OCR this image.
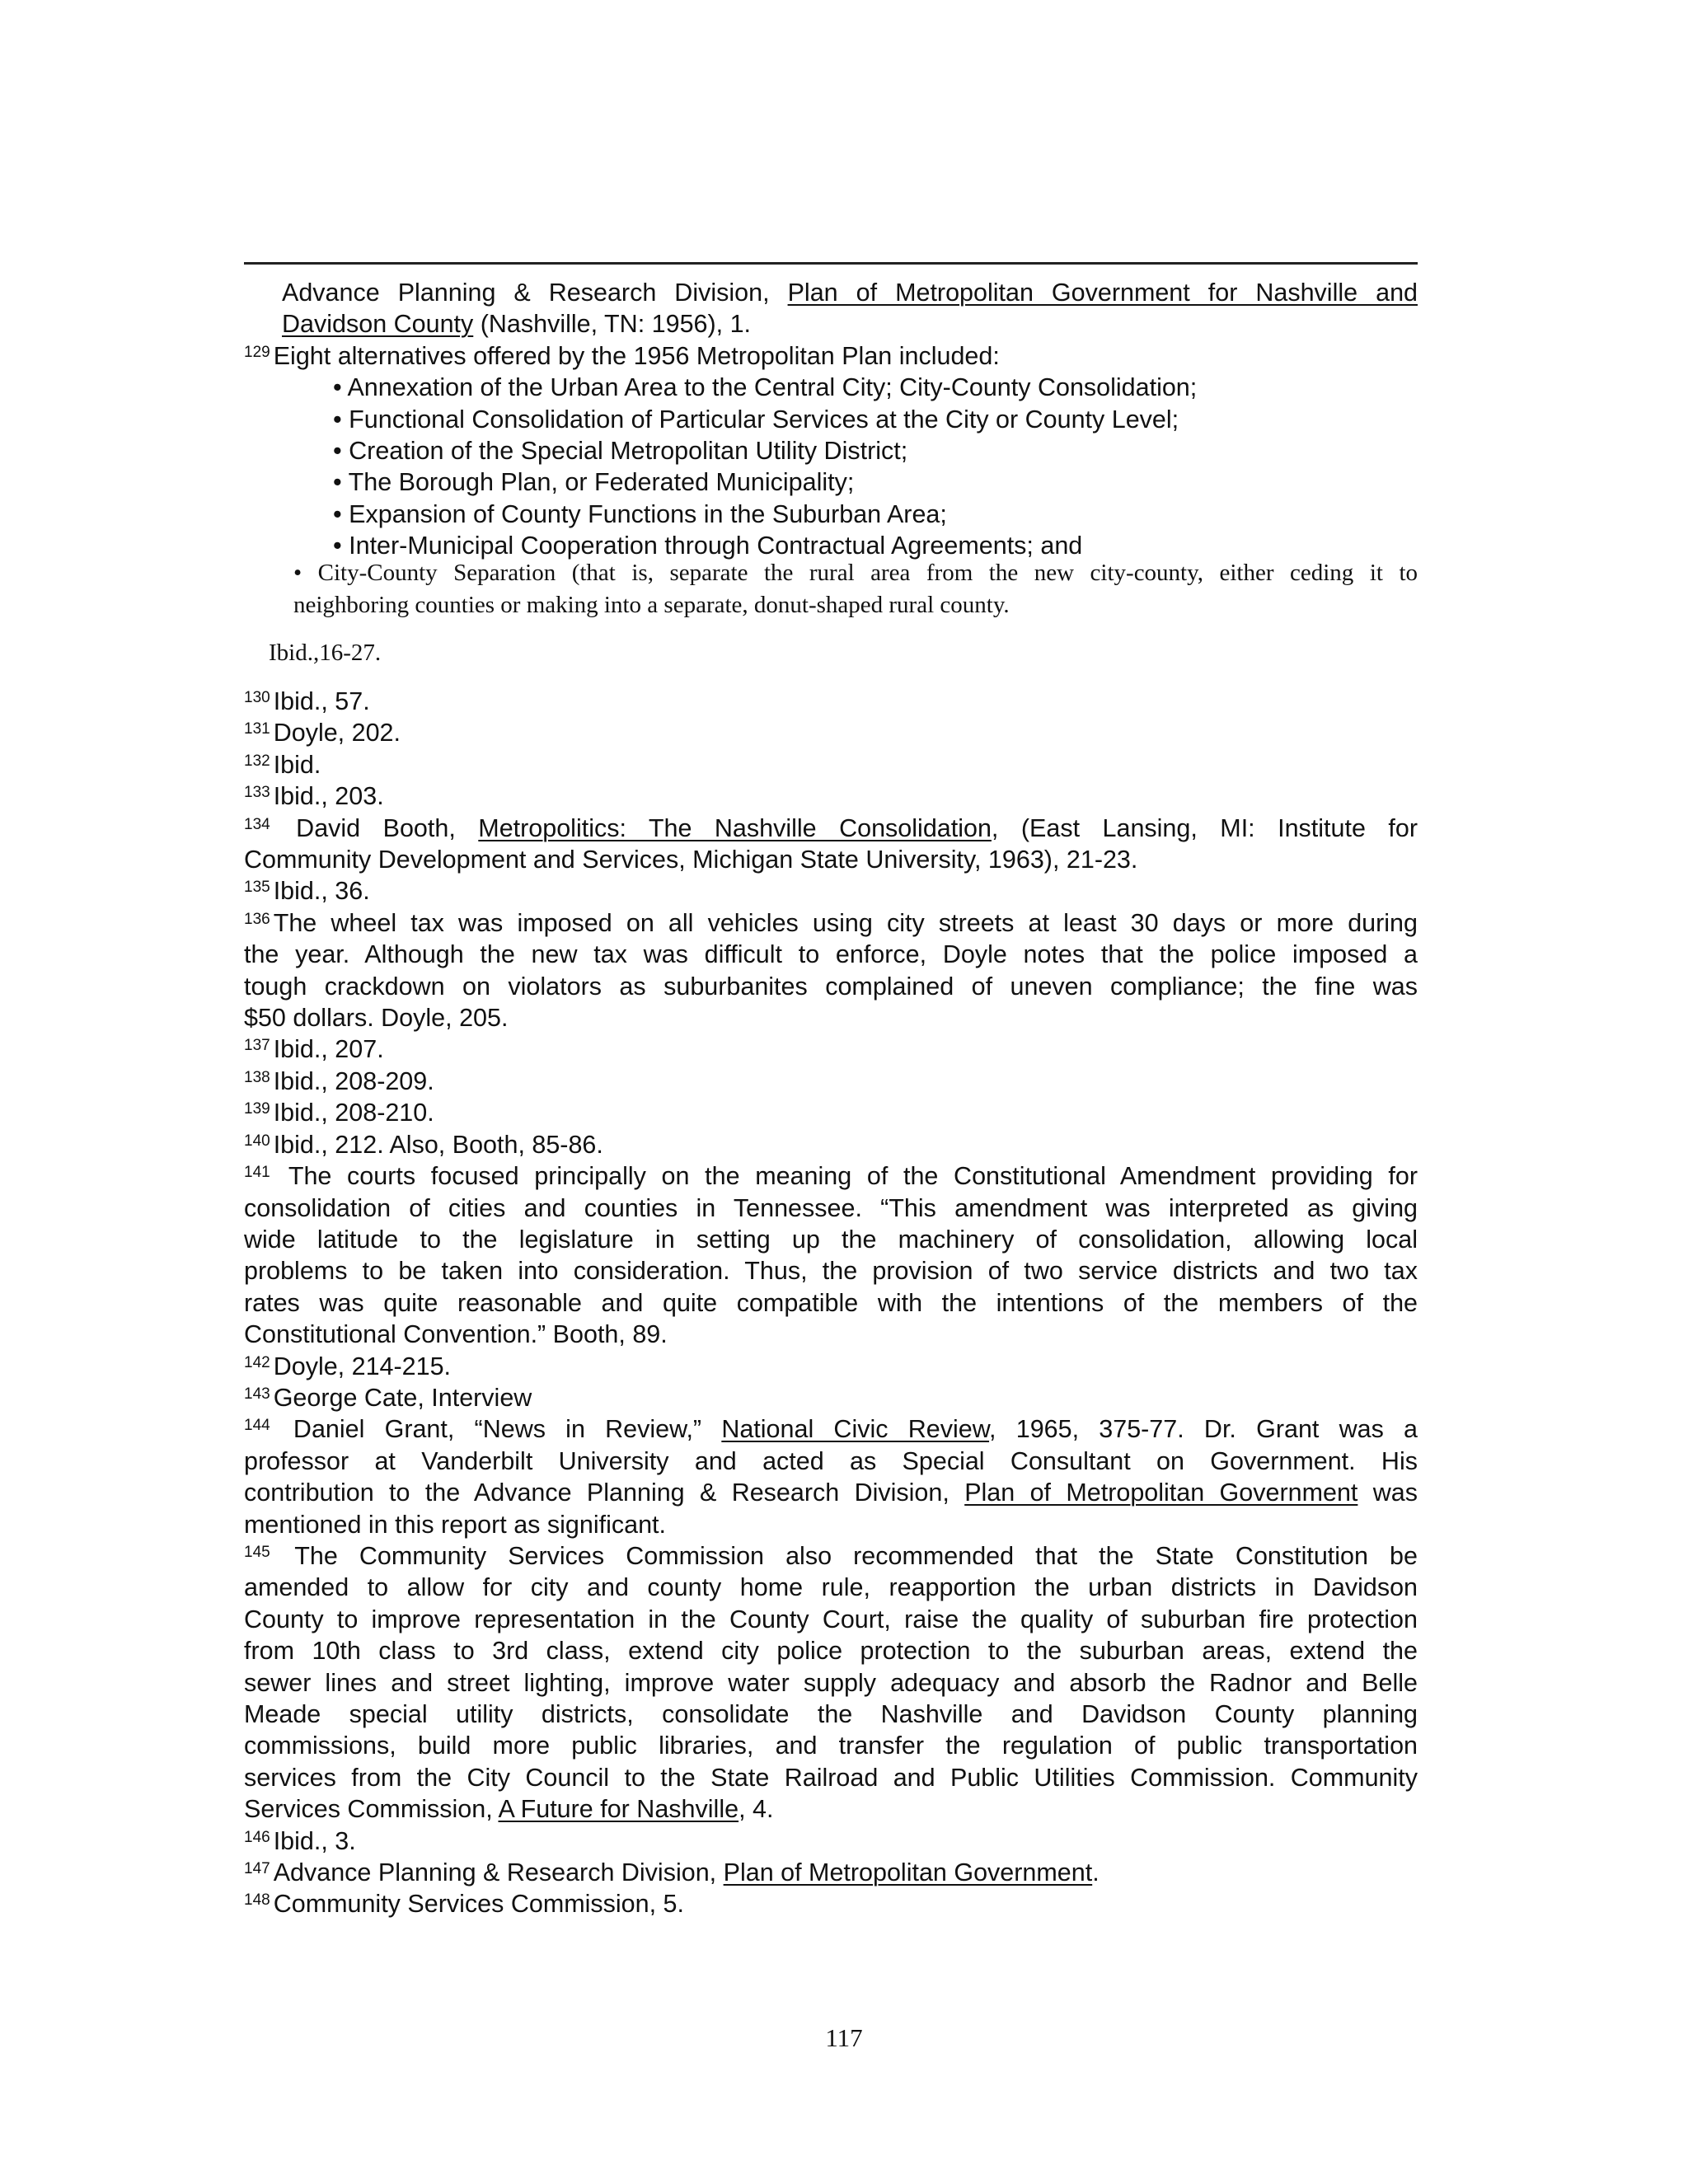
Advance Planning & Research Division, Plan of Metropolitan Government for Nashville and
Davidson County (Nashville, TN: 1956), 1.
$^{129}$ Eight alternatives offered by the 1956 Metropolitan Plan included:
• Annexation of the Urban Area to the Central City; City-County Consolidation;
• Functional Consolidation of Particular Services at the City or County Level;
• Creation of the Special Metropolitan Utility District;
• The Borough Plan, or Federated Municipality;
• Expansion of County Functions in the Suburban Area;
• Inter-Municipal Cooperation through Contractual Agreements; and
• City-County Separation (that is, separate the rural area from the new city-county, either ceding it to
neighboring counties or making into a separate, donut-shaped rural county.
Ibid.,16-27.
$^{130}$ Ibid., 57.
$^{131}$ Doyle, 202.
$^{132}$ Ibid.
$^{133}$ Ibid., 203.
$^{134}$ David Booth, Metropolitics: The Nashville Consolidation, (East Lansing, MI: Institute for
Community Development and Services, Michigan State University, 1963), 21-23.
$^{135}$ Ibid., 36.
$^{136}$ The wheel tax was imposed on all vehicles using city streets at least 30 days or more during
the year. Although the new tax was difficult to enforce, Doyle notes that the police imposed a
tough crackdown on violators as suburbanites complained of uneven compliance; the fine was
$50 dollars. Doyle, 205.
$^{137}$ Ibid., 207.
$^{138}$ Ibid., 208-209.
$^{139}$ Ibid., 208-210.
$^{140}$ Ibid., 212. Also, Booth, 85-86.
$^{141}$ The courts focused principally on the meaning of the Constitutional Amendment providing for
consolidation of cities and counties in Tennessee. “This amendment was interpreted as giving
wide latitude to the legislature in setting up the machinery of consolidation, allowing local
problems to be taken into consideration. Thus, the provision of two service districts and two tax
rates was quite reasonable and quite compatible with the intentions of the members of the
Constitutional Convention.” Booth, 89.
$^{142}$ Doyle, 214-215.
$^{143}$ George Cate, Interview
$^{144}$ Daniel Grant, “News in Review,” National Civic Review, 1965, 375-77. Dr. Grant was a
professor at Vanderbilt University and acted as Special Consultant on Government. His
contribution to the Advance Planning & Research Division, Plan of Metropolitan Government was
mentioned in this report as significant.
$^{145}$ The Community Services Commission also recommended that the State Constitution be
amended to allow for city and county home rule, reapportion the urban districts in Davidson
County to improve representation in the County Court, raise the quality of suburban fire protection
from 10th class to 3rd class, extend city police protection to the suburban areas, extend the
sewer lines and street lighting, improve water supply adequacy and absorb the Radnor and Belle
Meade special utility districts, consolidate the Nashville and Davidson County planning
commissions, build more public libraries, and transfer the regulation of public transportation
services from the City Council to the State Railroad and Public Utilities Commission. Community
Services Commission, A Future for Nashville, 4.
$^{146}$ Ibid., 3.
$^{147}$ Advance Planning & Research Division, Plan of Metropolitan Government.
$^{148}$ Community Services Commission, 5.
117
